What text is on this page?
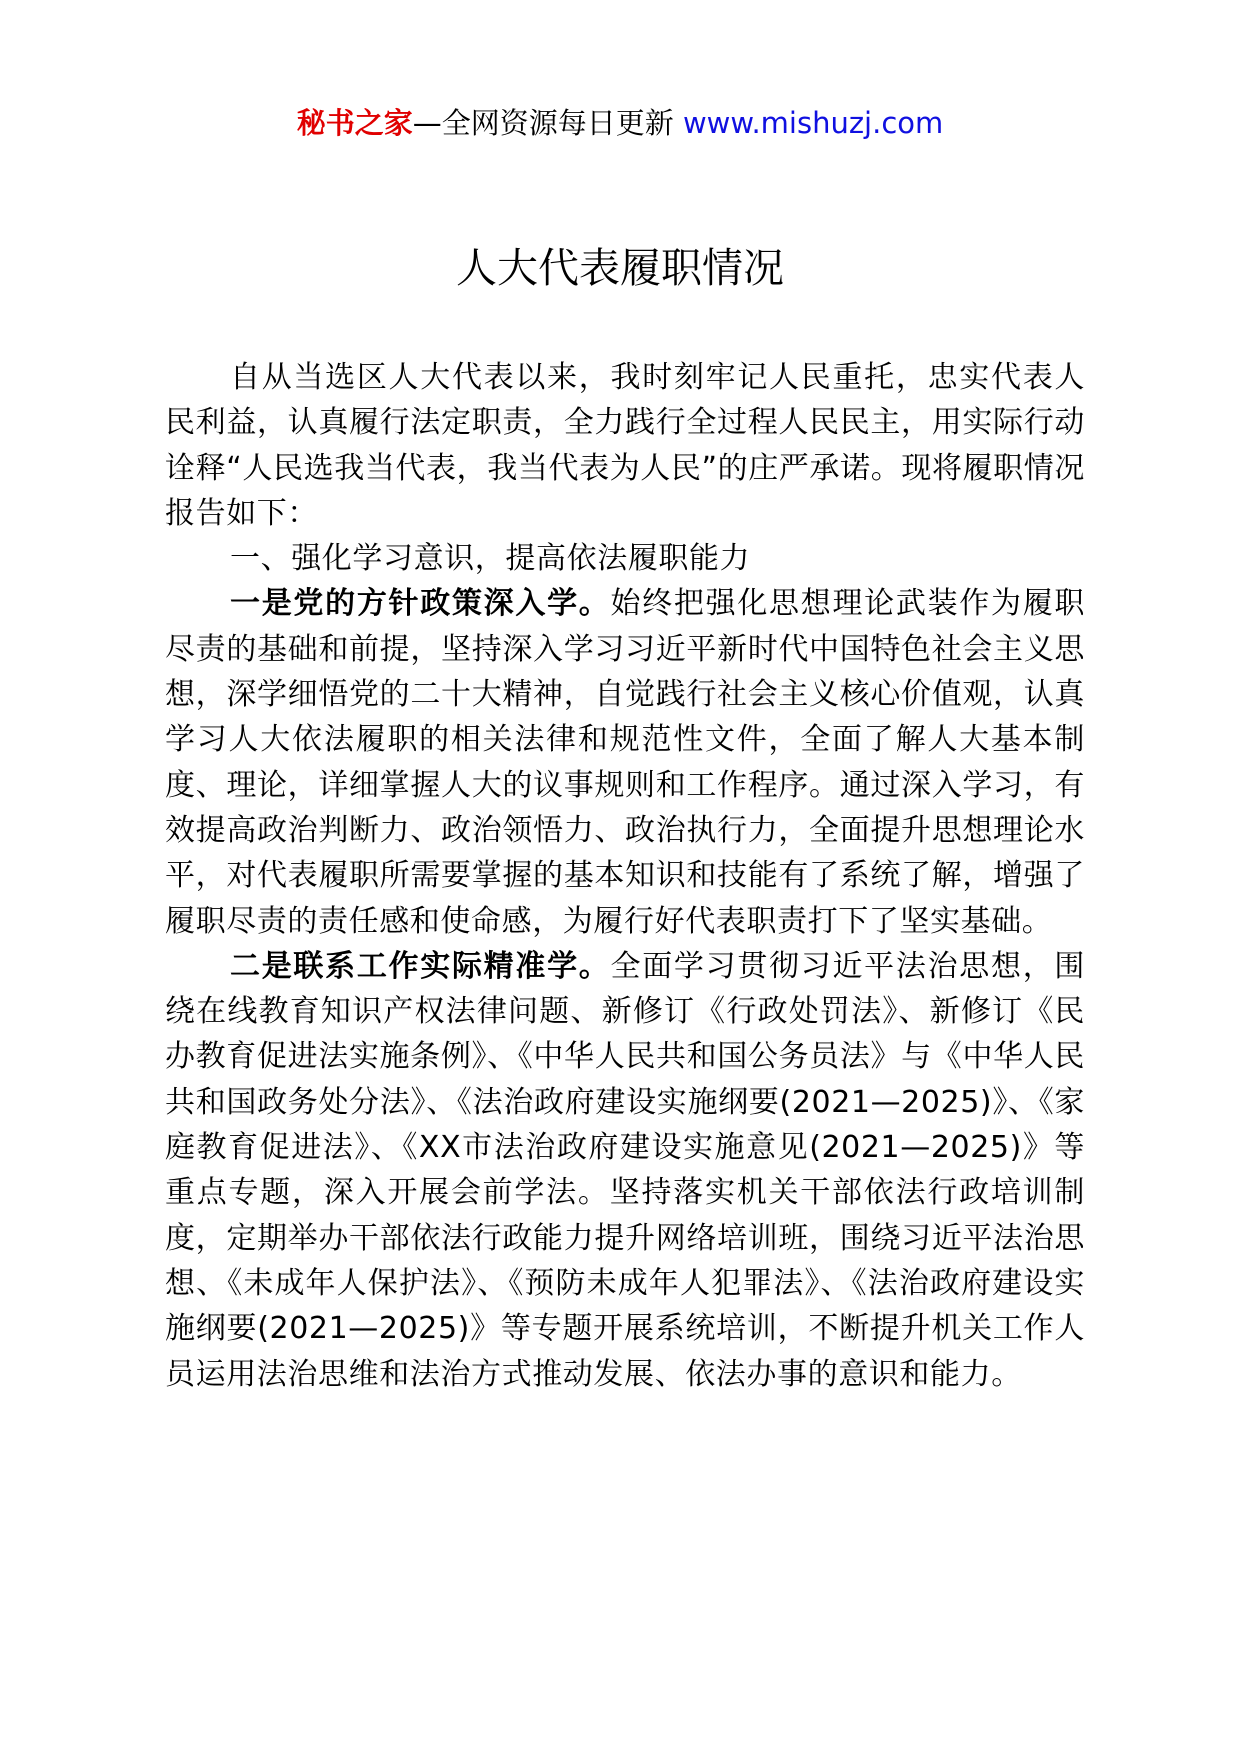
秘书之家—全网资源每日更新 www.mishuzj.com
人大代表履职情况

自从当选区人大代表以来，我时刻牢记人民重托，忠实代表人民利益，认真履行法定职责，全力践行全过程人民民主，用实际行动诠释“人民选我当代表，我当代表为人民”的庄严承诺。现将履职情况报告如下：

一、强化学习意识，提高依法履职能力

一是党的方针政策深入学。始终把强化思想理论武装作为履职尽责的基础和前提，坚持深入学习习近平新时代中国特色社会主义思想，深学细悟党的二十大精神，自觉践行社会主义核心价值观，认真学习人大依法履职的相关法律和规范性文件，全面了解人大基本制度、理论，详细掌握人大的议事规则和工作程序。通过深入学习，有效提高政治判断力、政治领悟力、政治执行力，全面提升思想理论水平，对代表履职所需要掌握的基本知识和技能有了系统了解，增强了履职尽责的责任感和使命感，为履行好代表职责打下了坚实基础。

二是联系工作实际精准学。全面学习贯彻习近平法治思想，围绕在线教育知识产权法律问题、新修订《行政处罚法》、新修订《民办教育促进法实施条例》、《中华人民共和国公务员法》与《中华人民共和国政务处分法》、《法治政府建设实施纲要(2021—2025)》、《家庭教育促进法》、《XX市法治政府建设实施意见(2021—2025)》等重点专题，深入开展会前学法。坚持落实机关干部依法行政培训制度，定期举办干部依法行政能力提升网络培训班，围绕习近平法治思想、《未成年人保护法》、《预防未成年人犯罪法》、《法治政府建设实施纲要(2021—2025)》等专题开展系统培训，不断提升机关工作人员运用法治思维和法治方式推动发展、依法办事的意识和能力。
